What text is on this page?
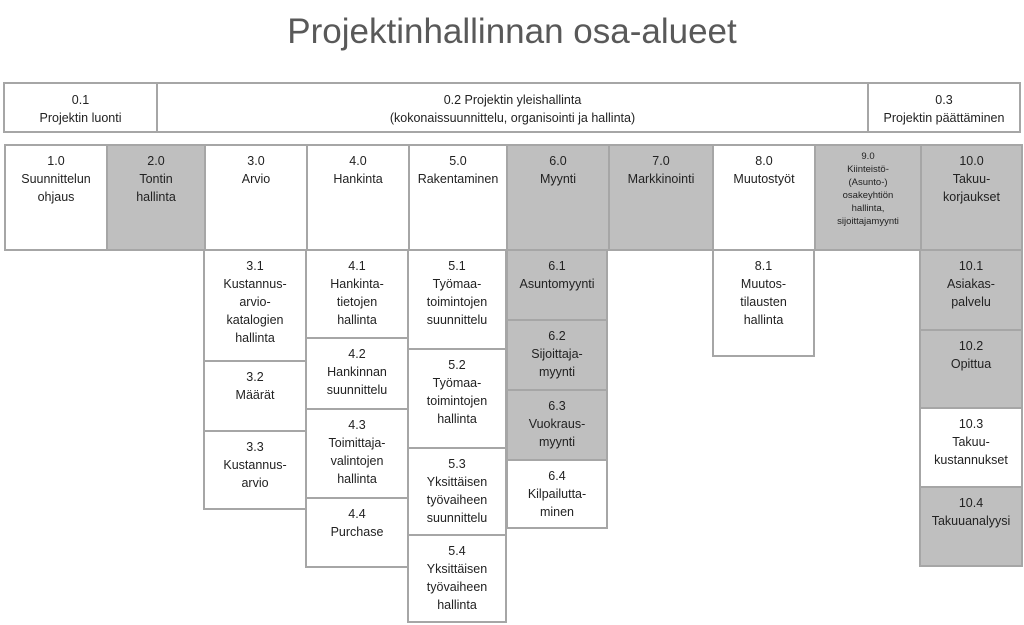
Projektinhallinnan osa-alueet
0.1
Projektin luonti
0.2 Projektin yleishallinta
(kokonaissuunnittelu, organisointi ja hallinta)
0.3
Projektin päättäminen
1.0
Suunnittelun
ohjaus
2.0
Tontin
hallinta
3.0
Arvio
4.0
Hankinta
5.0
Rakentaminen
6.0
Myynti
7.0
Markkinointi
8.0
Muutostyöt
9.0
Kiinteistö-
(Asunto-)
osakeyhtiön
hallinta,
sijoittajamyynti
10.0
Takuu-
korjaukset
3.1
Kustannus-
arvio-
katalogien
hallinta
3.2
Määrät
3.3
Kustannus-
arvio
4.1
Hankinta-
tietojen
hallinta
4.2
Hankinnan
suunnittelu
4.3
Toimittaja-
valintojen
hallinta
4.4
Purchase
5.1
Työmaa-
toimintojen
suunnittelu
5.2
Työmaa-
toimintojen
hallinta
5.3
Yksittäisen
työvaiheen
suunnittelu
5.4
Yksittäisen
työvaiheen
hallinta
6.1
Asuntomyynti
6.2
Sijoittaja-
myynti
6.3
Vuokraus-
myynti
6.4
Kilpailutta-
minen
8.1
Muutos-
tilausten
hallinta
10.1
Asiakas-
palvelu
10.2
Opittua
10.3
Takuu-
kustannukset
10.4
Takuuanalyysi
